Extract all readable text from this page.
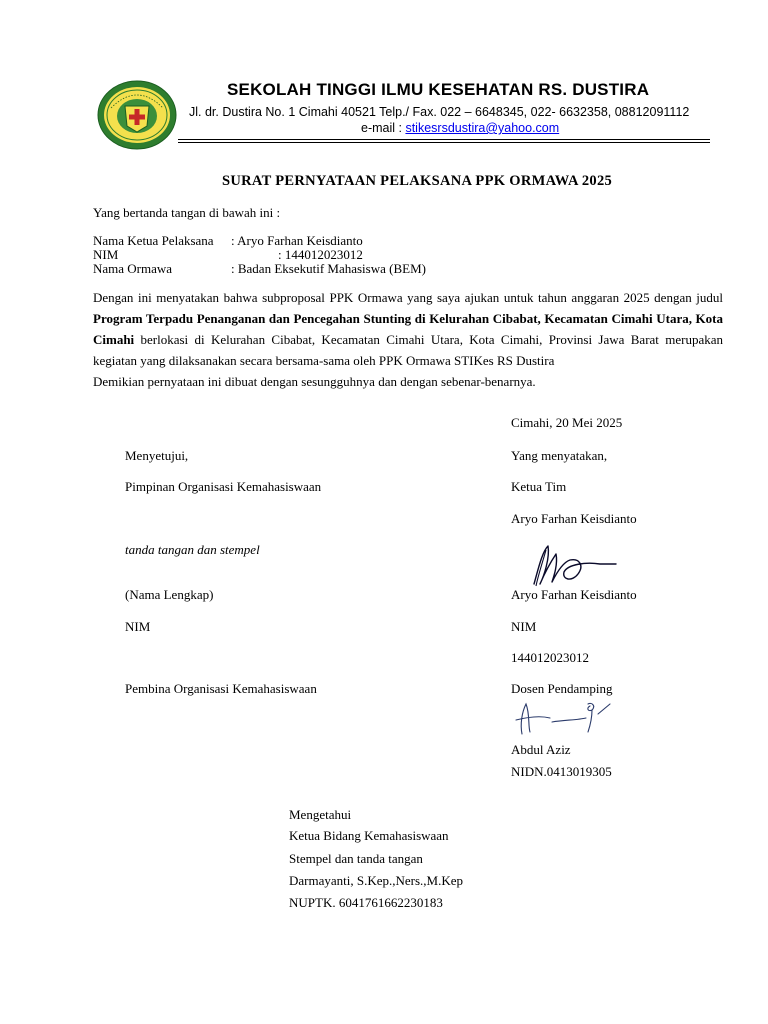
SEKOLAH TINGGI ILMU KESEHATAN RS. DUSTIRA
Jl. dr. Dustira No. 1 Cimahi 40521 Telp./ Fax. 022 – 6648345, 022- 6632358, 08812091112
e-mail : stikesrsdustira@yahoo.com
SURAT PERNYATAAN PELAKSANA PPK ORMAWA 2025
Yang bertanda tangan di bawah ini :
Nama Ketua Pelaksana : Aryo Farhan Keisdianto
NIM	: 144012023012
Nama Ormawa	: Badan Eksekutif Mahasiswa (BEM)
Dengan ini menyatakan bahwa subproposal PPK Ormawa yang saya ajukan untuk tahun anggaran 2025 dengan judul Program Terpadu Penanganan dan Pencegahan Stunting di Kelurahan Cibabat, Kecamatan Cimahi Utara, Kota Cimahi berlokasi di Kelurahan Cibabat, Kecamatan Cimahi Utara, Kota Cimahi, Provinsi Jawa Barat merupakan kegiatan yang dilaksanakan secara bersama-sama oleh PPK Ormawa STIKes RS Dustira
Demikian pernyataan ini dibuat dengan sesungguhnya dan dengan sebenar-benarnya.
Cimahi, 20 Mei 2025
Menyetujui,	Yang menyatakan,
Pimpinan Organisasi Kemahasiswaan	Ketua Tim
Aryo Farhan Keisdianto
tanda tangan dan stempel
(Nama Lengkap)	Aryo Farhan Keisdianto
NIM	NIM
144012023012
Pembina Organisasi Kemahasiswaan	Dosen Pendamping
Abdul Aziz
NIDN.0413019305
Mengetahui
Ketua Bidang Kemahasiswaan
Stempel dan tanda tangan
Darmayanti, S.Kep.,Ners.,M.Kep
NUPTK. 6041761662230183
